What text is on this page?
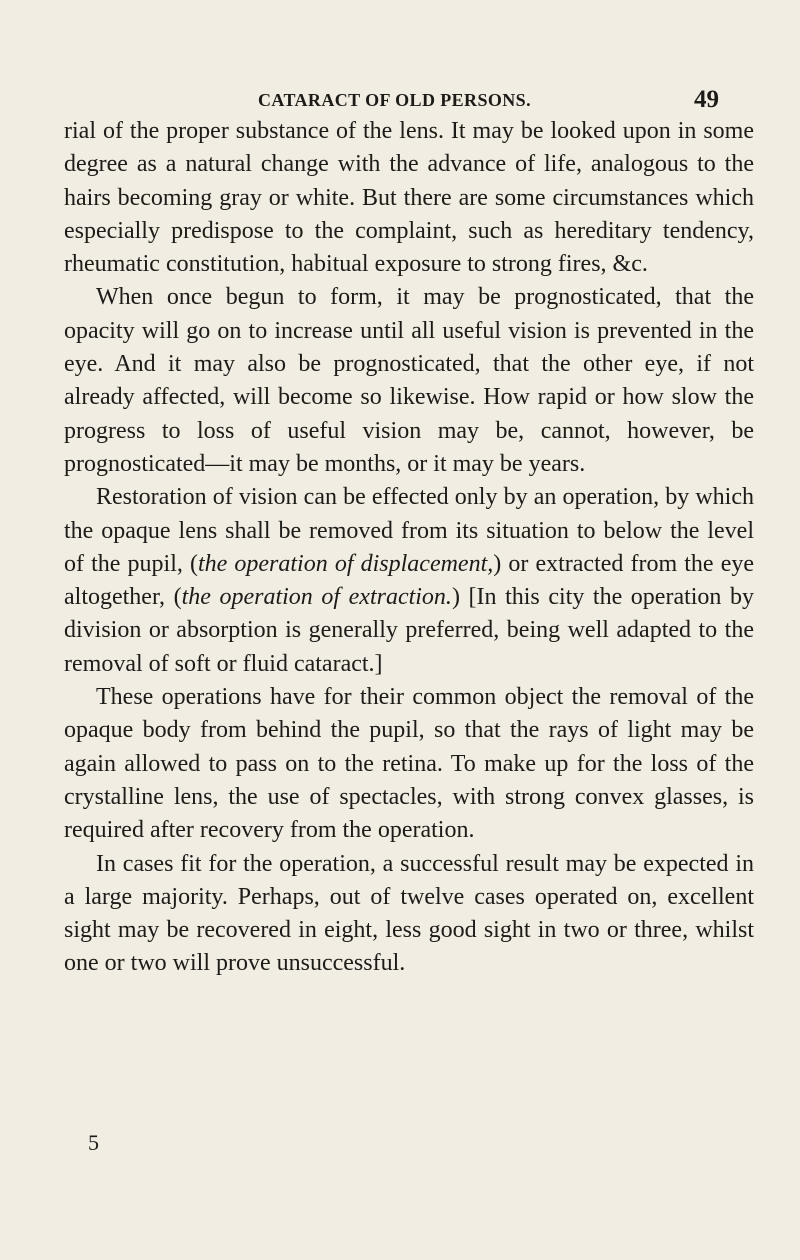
CATARACT OF OLD PERSONS.	49

rial of the proper substance of the lens. It may be looked upon in some degree as a natural change with the advance of life, analogous to the hairs becoming gray or white. But there are some circumstances which especially predispose to the complaint, such as hereditary tendency, rheumatic constitution, habitual exposure to strong fires, &c.

When once begun to form, it may be prognosticated, that the opacity will go on to increase until all useful vision is prevented in the eye. And it may also be prognosticated, that the other eye, if not already affected, will become so likewise. How rapid or how slow the progress to loss of useful vision may be, cannot, however, be prognosticated—it may be months, or it may be years.

Restoration of vision can be effected only by an operation, by which the opaque lens shall be removed from its situation to below the level of the pupil, (the operation of displacement,) or extracted from the eye altogether, (the operation of extraction.) [In this city the operation by division or absorption is generally preferred, being well adapted to the removal of soft or fluid cataract.]

These operations have for their common object the removal of the opaque body from behind the pupil, so that the rays of light may be again allowed to pass on to the retina. To make up for the loss of the crystalline lens, the use of spectacles, with strong convex glasses, is required after recovery from the operation.

In cases fit for the operation, a successful result may be expected in a large majority. Perhaps, out of twelve cases operated on, excellent sight may be recovered in eight, less good sight in two or three, whilst one or two will prove unsuccessful.

5
